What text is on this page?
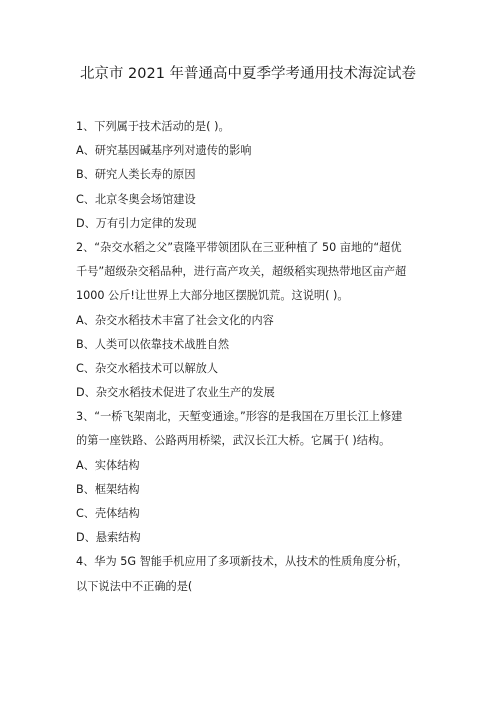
北京市 2021 年普通高中夏季学考通用技术海淀试卷
1、下列属于技术活动的是( )。
A、研究基因碱基序列对遗传的影响
B、研究人类长寿的原因
C、北京冬奥会场馆建设
D、万有引力定律的发现
2、“杂交水稻之父”袁隆平带领团队在三亚种植了 50 亩地的“超优
千号”超级杂交稻品种，进行高产攻关，超级稻实现热带地区亩产超
1000 公斤!让世界上大部分地区摆脱饥荒。这说明( )。
A、杂交水稻技术丰富了社会文化的内容
B、人类可以依靠技术战胜自然
C、杂交水稻技术可以解放人
D、杂交水稻技术促进了农业生产的发展
3、“一桥飞架南北，天堑变通途。”形容的是我国在万里长江上修建
的第一座铁路、公路两用桥梁，武汉长江大桥。它属于( )结构。
A、实体结构
B、框架结构
C、壳体结构
D、悬索结构
4、华为 5G 智能手机应用了多项新技术，从技术的性质角度分析，
以下说法中不正确的是(
